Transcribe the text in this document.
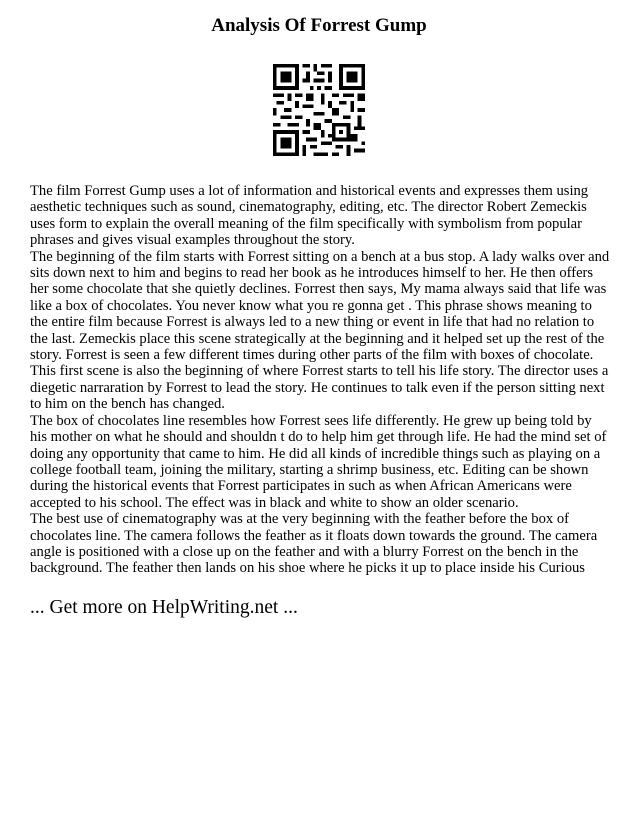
Analysis Of Forrest Gump

The film Forrest Gump uses a lot of information and historical events and expresses them using aesthetic techniques such as sound, cinematography, editing, etc. The director Robert Zemeckis uses form to explain the overall meaning of the film specifically with symbolism from popular phrases and gives visual examples throughout the story.

The beginning of the film starts with Forrest sitting on a bench at a bus stop. A lady walks over and sits down next to him and begins to read her book as he introduces himself to her. He then offers her some chocolate that she quietly declines. Forrest then says, My mama always said that life was like a box of chocolates. You never know what you re gonna get . This phrase shows meaning to the entire film because Forrest is always led to a new thing or event in life that had no relation to the last. Zemeckis place this scene strategically at the beginning and it helped set up the rest of the story. Forrest is seen a few different times during other parts of the film with boxes of chocolate. This first scene is also the beginning of where Forrest starts to tell his life story. The director uses a diegetic narraration by Forrest to lead the story. He continues to talk even if the person sitting next to him on the bench has changed.

The box of chocolates line resembles how Forrest sees life differently. He grew up being told by his mother on what he should and shouldn t do to help him get through life. He had the mind set of doing any opportunity that came to him. He did all kinds of incredible things such as playing on a college football team, joining the military, starting a shrimp business, etc. Editing can be shown during the historical events that Forrest participates in such as when African Americans were accepted to his school. The effect was in black and white to show an older scenario.

The best use of cinematography was at the very beginning with the feather before the box of chocolates line. The camera follows the feather as it floats down towards the ground. The camera angle is positioned with a close up on the feather and with a blurry Forrest on the bench in the background. The feather then lands on his shoe where he picks it up to place inside his Curious

... Get more on HelpWriting.net ...
